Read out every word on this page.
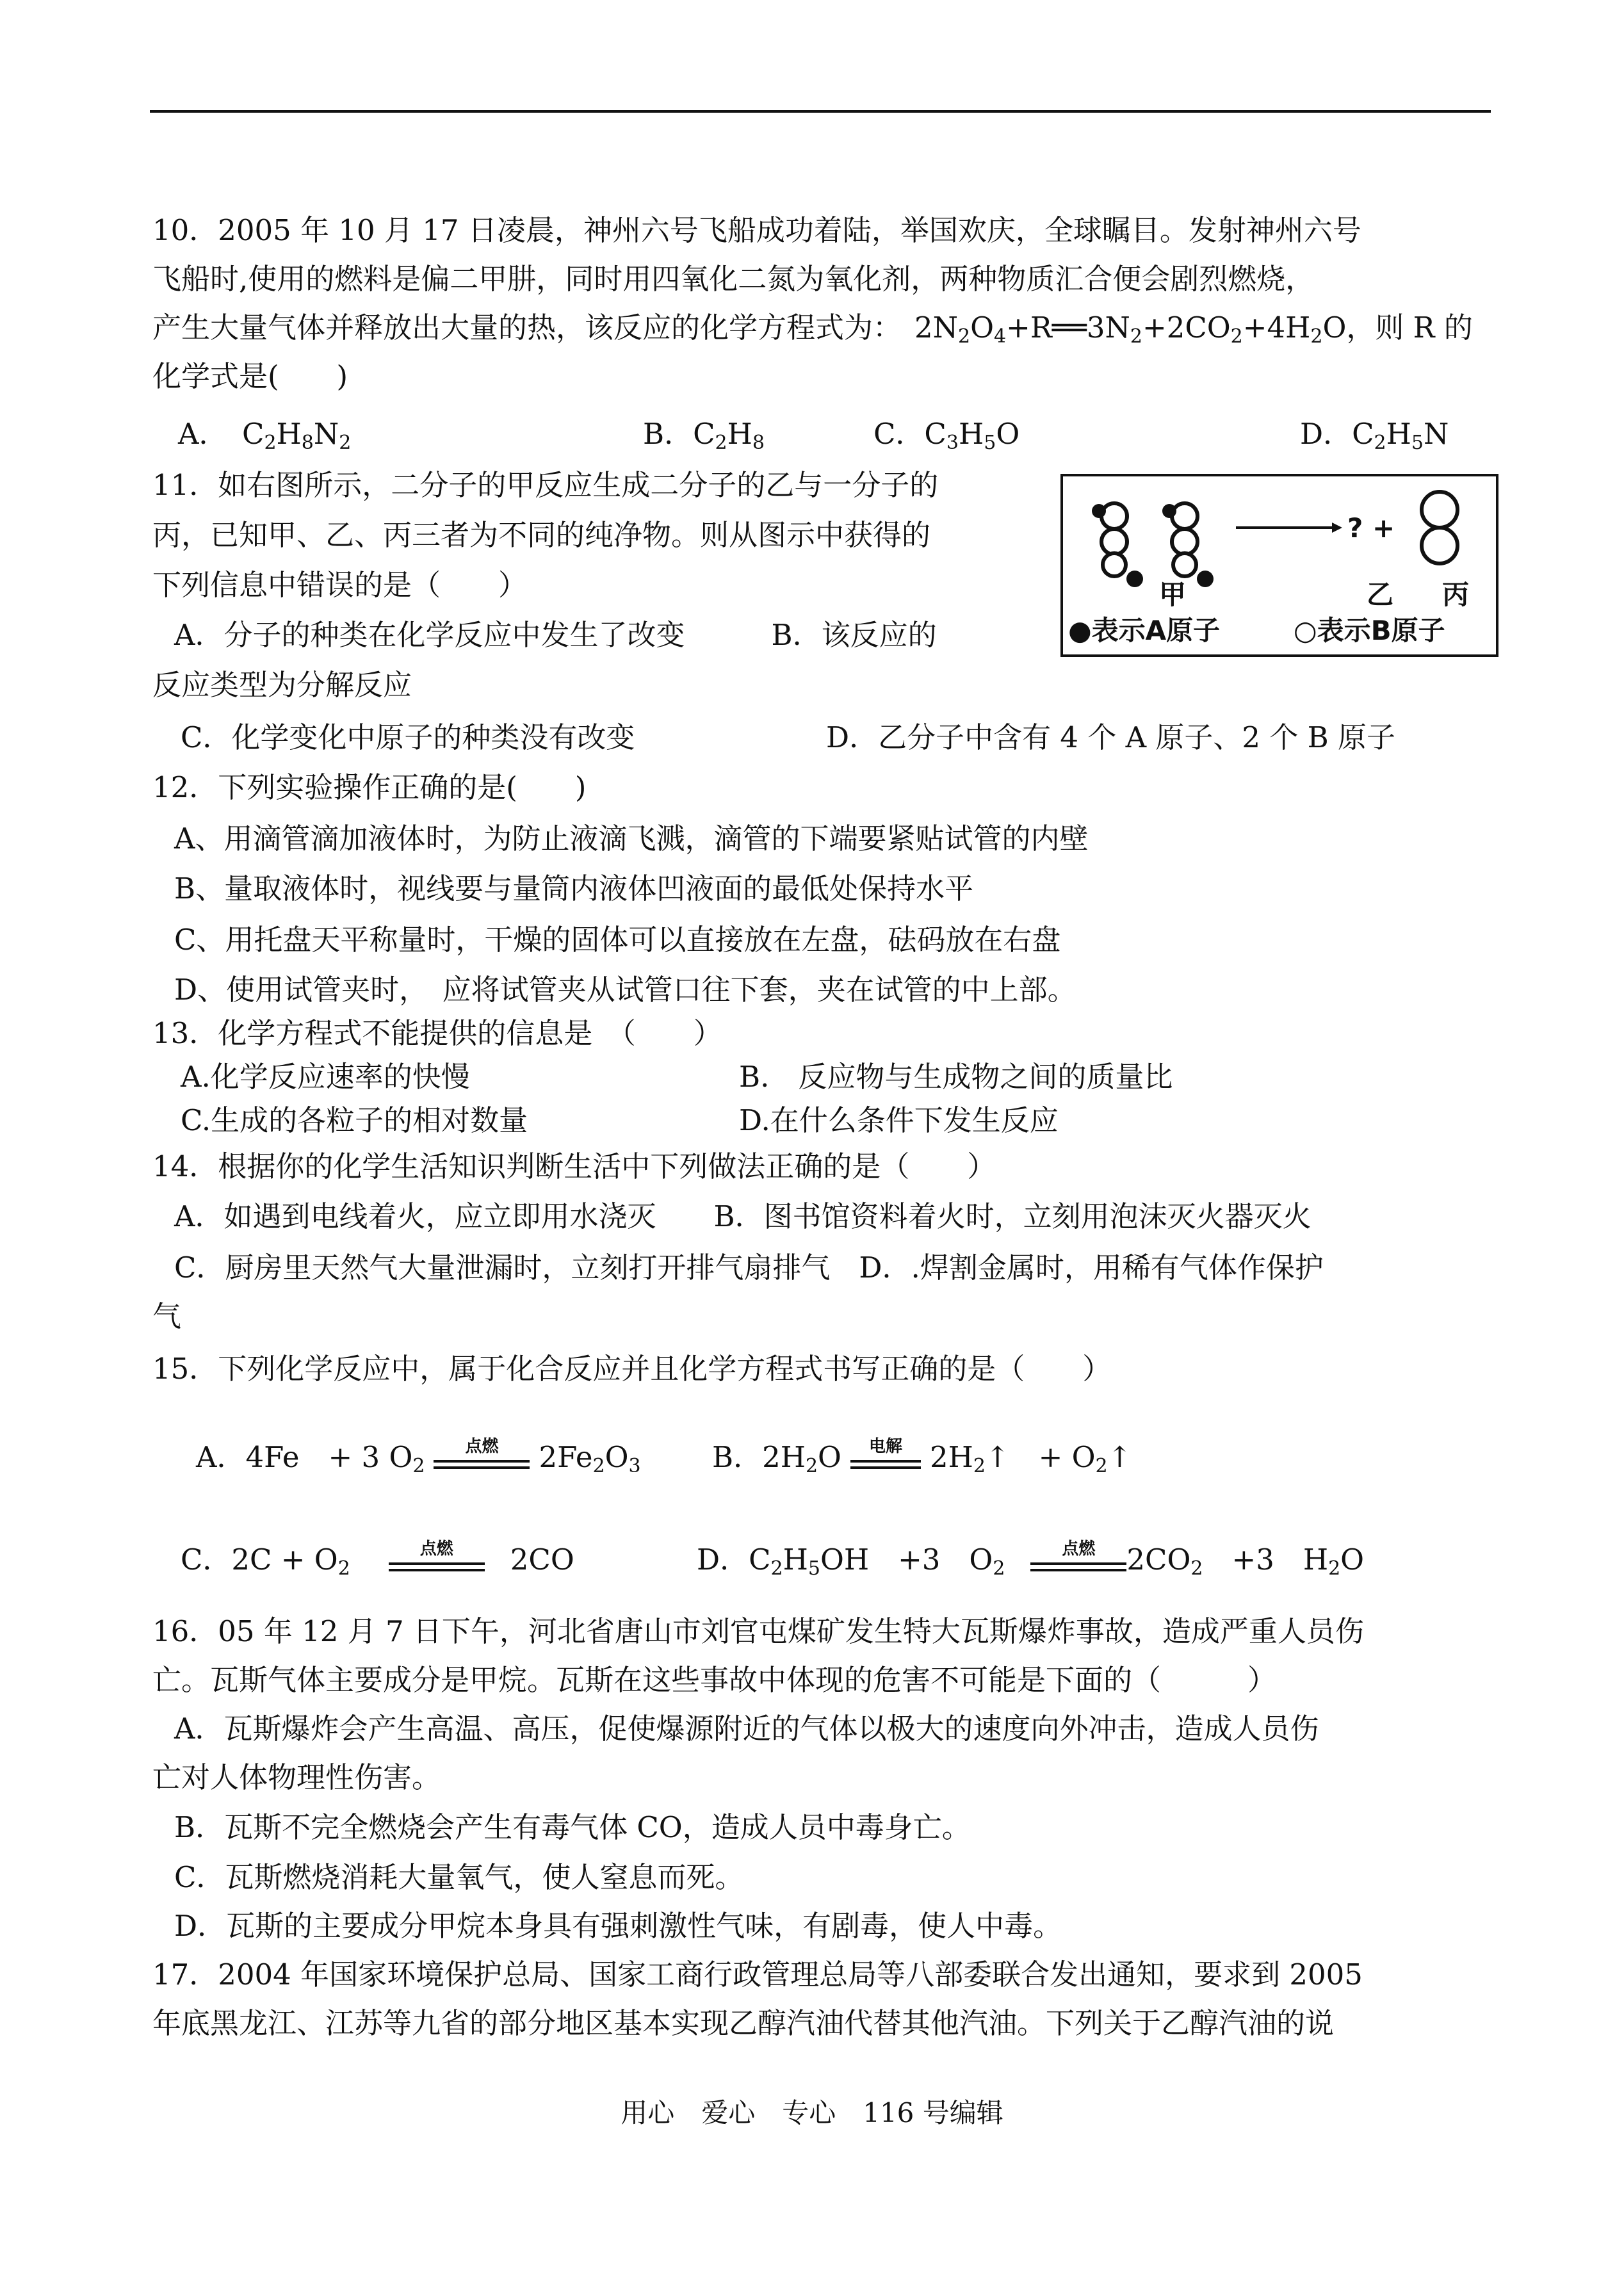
10．2005 年 10 月 17 日凌晨，神州六号飞船成功着陆，举国欢庆，全球瞩目。发射神州六号
飞船时,使用的燃料是偏二甲肼，同时用四氧化二氮为氧化剂，两种物质汇合便会剧烈燃烧，
产生大量气体并释放出大量的热，该反应的化学方程式为： $2N_2O_4+R══3N_2+2CO_2+4H_2O$，则 R 的
化学式是(　　)
A．　$C_2H_8N_2$	B．$C_2H_8$	C．$C_3H_5O$	D．$C_2H_5N$
11．如右图所示，二分子的甲反应生成二分子的乙与一分子的
丙，已知甲、乙、丙三者为不同的纯净物。则从图示中获得的
下列信息中错误的是（　　）
A．分子的种类在化学反应中发生了改变　　　B．该反应的
反应类型为分解反应
C．化学变化中原子的种类没有改变	D．乙分子中含有 4 个 A 原子、2 个 B 原子
? +
甲	乙 丙
●表示A原子	○表示B原子
12．下列实验操作正确的是(　　)
A、用滴管滴加液体时，为防止液滴飞溅，滴管的下端要紧贴试管的内壁
B、量取液体时，视线要与量筒内液体凹液面的最低处保持水平
C、用托盘天平称量时，干燥的固体可以直接放在左盘，砝码放在右盘
D、使用试管夹时，　应将试管夹从试管口往下套，夹在试管的中上部。
13．化学方程式不能提供的信息是　（　　）
A.化学反应速率的快慢	B.　反应物与生成物之间的质量比
C.生成的各粒子的相对数量	D.在什么条件下发生反应
14．根据你的化学生活知识判断生活中下列做法正确的是（　　）
A．如遇到电线着火，应立即用水浇灭　　B．图书馆资料着火时，立刻用泡沫灭火器灭火
C．厨房里天然气大量泄漏时，立刻打开排气扇排气　D．.焊割金属时，用稀有气体作保护
气
15．下列化学反应中，属于化合反应并且化学方程式书写正确的是（　　）
A．4Fe　+ 3 $O_2$
点燃	$2Fe_2O_3$ B．$2H_2O$	电解 $2H_2↑$　+ $O_2↑$
C．$2C + O_2$
点燃	2CO	D．$C_2H_5OH$　+3　$O_2$
点燃	$2CO_2$　+3　$H_2O$
16．05 年 12 月 7 日下午，河北省唐山市刘官屯煤矿发生特大瓦斯爆炸事故，造成严重人员伤
亡。瓦斯气体主要成分是甲烷。瓦斯在这些事故中体现的危害不可能是下面的（　　　）
A．瓦斯爆炸会产生高温、高压，促使爆源附近的气体以极大的速度向外冲击，造成人员伤
亡对人体物理性伤害。
B．瓦斯不完全燃烧会产生有毒气体 CO，造成人员中毒身亡。
C．瓦斯燃烧消耗大量氧气，使人窒息而死。
D．瓦斯的主要成分甲烷本身具有强刺激性气味，有剧毒，使人中毒。
17．2004 年国家环境保护总局、国家工商行政管理总局等八部委联合发出通知，要求到 2005
年底黑龙江、江苏等九省的部分地区基本实现乙醇汽油代替其他汽油。下列关于乙醇汽油的说
用心　爱心　专心　116 号编辑
